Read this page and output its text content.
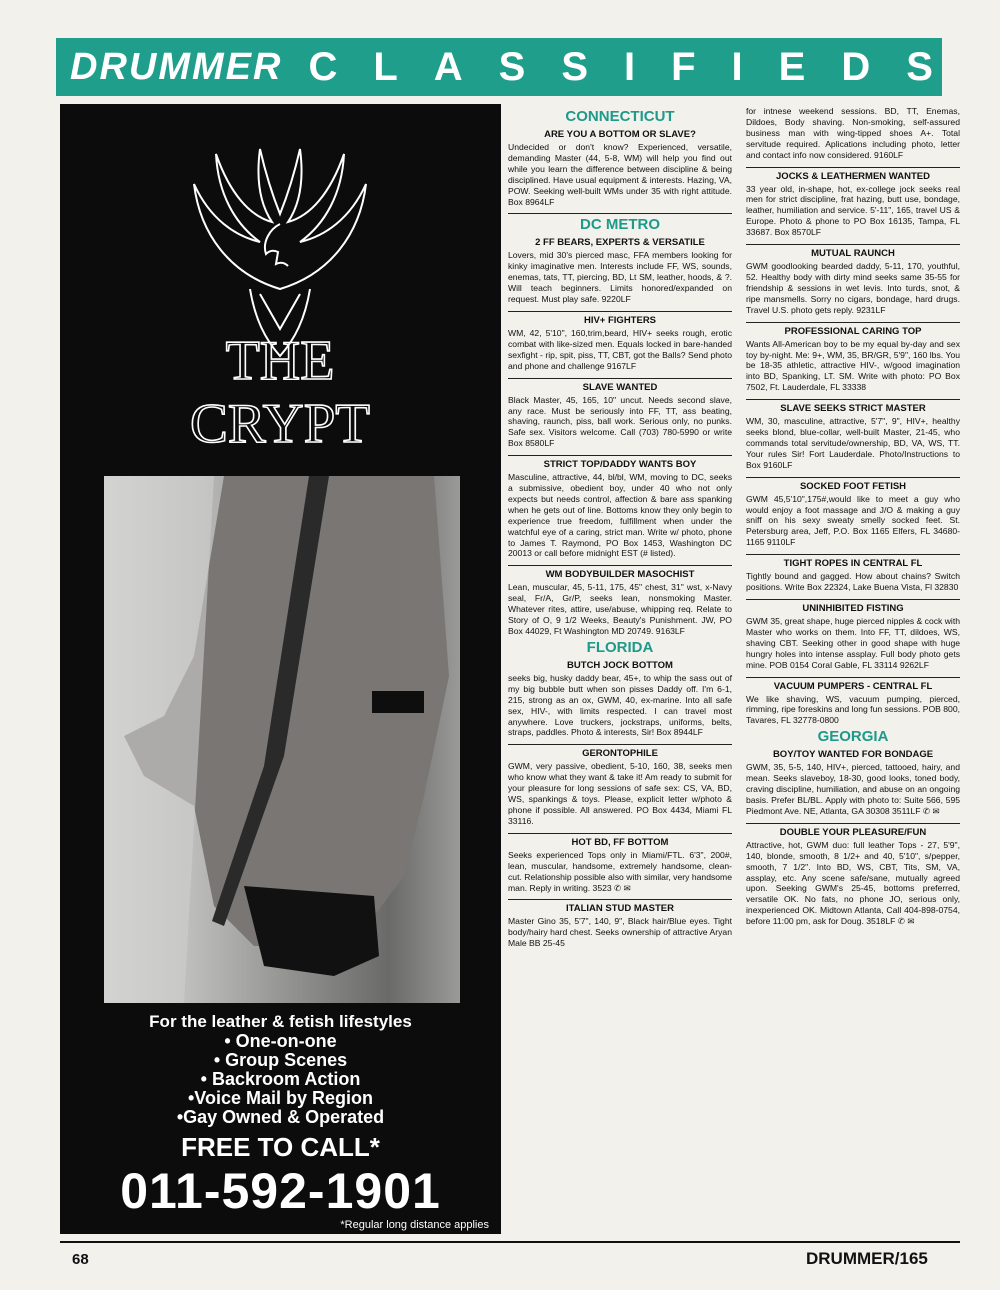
DRUMMER CLASSIFIEDS
THE
CRYPT
For the leather & fetish lifestyles
• One-on-one
• Group Scenes
• Backroom Action
•Voice Mail by Region
•Gay Owned & Operated
FREE TO CALL*
011-592-1901
*Regular long distance applies
CONNECTICUT
ARE YOU A BOTTOM OR SLAVE?
Undecided or don't know? Experienced, versatile, demanding Master (44, 5-8, WM) will help you find out while you learn the difference between discipline & being disciplined. Have usual equipment & interests. Hazing, VA, POW. Seeking well-built WMs under 35 with right attitude. Box 8964LF
DC METRO
2 FF BEARS, EXPERTS & VERSATILE
Lovers, mid 30's pierced masc, FFA members looking for kinky imaginative men. Interests include FF, WS, sounds, enemas, tats, TT, piercing, BD, Lt SM, leather, hoods, & ?. Will teach beginners. Limits honored/expanded on request. Must play safe. 9220LF
HIV+ FIGHTERS
WM, 42, 5'10", 160,trim,beard, HIV+ seeks rough, erotic combat with like-sized men. Equals locked in bare-handed sexfight - rip, spit, piss, TT, CBT, got the Balls? Send photo and phone and challenge 9167LF
SLAVE WANTED
Black Master, 45, 165, 10" uncut. Needs second slave, any race. Must be seriously into FF, TT, ass beating, shaving, raunch, piss, ball work. Serious only, no punks. Safe sex. Visitors welcome. Call (703) 780-5990 or write Box 8580LF
STRICT TOP/DADDY WANTS BOY
Masculine, attractive, 44, bl/bl, WM, moving to DC, seeks a submissive, obedient boy, under 40 who not only expects but needs control, affection & bare ass spanking when he gets out of line. Bottoms know they only begin to experience true freedom, fulfillment when under the watchful eye of a caring, strict man. Write w/ photo, phone to James T. Raymond, PO Box 1453, Washington DC 20013 or call before midnight EST (# listed).
WM BODYBUILDER MASOCHIST
Lean, muscular, 45, 5-11, 175, 45" chest, 31" wst, x-Navy seal, Fr/A, Gr/P, seeks lean, nonsmoking Master. Whatever rites, attire, use/abuse, whipping req. Relate to Story of O, 9 1/2 Weeks, Beauty's Punishment. JW, PO Box 44029, Ft Washington MD 20749. 9163LF
FLORIDA
BUTCH JOCK BOTTOM
seeks big, husky daddy bear, 45+, to whip the sass out of my big bubble butt when son pisses Daddy off. I'm 6-1, 215, strong as an ox, GWM, 40, ex-marine. Into all safe sex, HIV-, with limits respected. I can travel most anywhere. Love truckers, jockstraps, uniforms, belts, straps, paddles. Photo & interests, Sir! Box 8944LF
GERONTOPHILE
GWM, very passive, obedient, 5-10, 160, 38, seeks men who know what they want & take it! Am ready to submit for your pleasure for long sessions of safe sex: CS, VA, BD, WS, spankings & toys. Please, explicit letter w/photo & phone if possible. All answered. PO Box 4434, Miami FL 33116.
HOT BD, FF BOTTOM
Seeks experienced Tops only in Miami/FTL. 6'3", 200#, lean, muscular, handsome, extremely handsome, clean-cut. Relationship possible also with similar, very handsome man. Reply in writing. 3523 ✆ ✉
ITALIAN STUD MASTER
Master Gino 35, 5'7", 140, 9", Black hair/Blue eyes. Tight body/hairy hard chest. Seeks ownership of attractive Aryan Male BB 25-45
for intnese weekend sessions. BD, TT, Enemas, Dildoes, Body shaving. Non-smoking, self-assured business man with wing-tipped shoes A+. Total servitude required. Aplications including photo, letter and contact info now considered. 9160LF
JOCKS & LEATHERMEN WANTED
33 year old, in-shape, hot, ex-college jock seeks real men for strict discipline, frat hazing, butt use, bondage, leather, humiliation and service. 5'-11", 165, travel US & Europe. Photo & phone to PO Box 16135, Tampa, FL 33687. Box 8570LF
MUTUAL RAUNCH
GWM goodlooking bearded daddy, 5-11, 170, youthful, 52. Healthy body with dirty mind seeks same 35-55 for friendship & sessions in wet levis. Into turds, snot, & ripe mansmells. Sorry no cigars, bondage, hard drugs. Travel U.S. photo gets reply. 9231LF
PROFESSIONAL CARING TOP
Wants All-American boy to be my equal by-day and sex toy by-night. Me: 9+, WM, 35, BR/GR, 5'9", 160 lbs. You be 18-35 athletic, attractive HIV-, w/good imagination into BD, Spanking, LT. SM. Write with photo: PO Box 7502, Ft. Lauderdale, FL 33338
SLAVE SEEKS STRICT MASTER
WM, 30, masculine, attractive, 5'7", 9", HIV+, healthy seeks blond, blue-collar, well-built Master, 21-45, who commands total servitude/ownership, BD, VA, WS, TT. Your rules Sir! Fort Lauderdale. Photo/Instructions to Box 9160LF
SOCKED FOOT FETISH
GWM 45,5'10",175#,would like to meet a guy who would enjoy a foot massage and J/O & making a guy sniff on his sexy sweaty smelly socked feet. St. Petersburg area, Jeff, P.O. Box 1165 Elfers, FL 34680-1165 9110LF
TIGHT ROPES IN CENTRAL FL
Tightly bound and gagged. How about chains? Switch positions. Write Box 22324, Lake Buena Vista, Fl 32830
UNINHIBITED FISTING
GWM 35, great shape, huge pierced nipples & cock with Master who works on them. Into FF, TT, dildoes, WS, shaving CBT. Seeking other in good shape with huge hungry holes into intense assplay. Full body photo gets mine. POB 0154 Coral Gable, FL 33114 9262LF
VACUUM PUMPERS - CENTRAL FL
We like shaving, WS, vacuum pumping, pierced, rimming, ripe foreskins and long fun sessions. POB 800, Tavares, FL 32778-0800
GEORGIA
BOY/TOY WANTED FOR BONDAGE
GWM, 35, 5-5, 140, HIV+, pierced, tattooed, hairy, and mean. Seeks slaveboy, 18-30, good looks, toned body, craving discipline, humiliation, and abuse on an ongoing basis. Prefer BL/BL. Apply with photo to: Suite 566, 595 Piedmont Ave. NE, Atlanta, GA 30308 3511LF ✆ ✉
DOUBLE YOUR PLEASURE/FUN
Attractive, hot, GWM duo: full leather Tops - 27, 5'9", 140, blonde, smooth, 8 1/2+ and 40, 5'10", s/pepper, smooth, 7 1/2". Into BD, WS, CBT, Tits, SM, VA, assplay, etc. Any scene safe/sane, mutually agreed upon. Seeking GWM's 25-45, bottoms preferred, versatile OK. No fats, no phone JO, serious only, inexperienced OK. Midtown Atlanta, Call 404-898-0754, before 11:00 pm, ask for Doug. 3518LF ✆ ✉
68	DRUMMER/165
